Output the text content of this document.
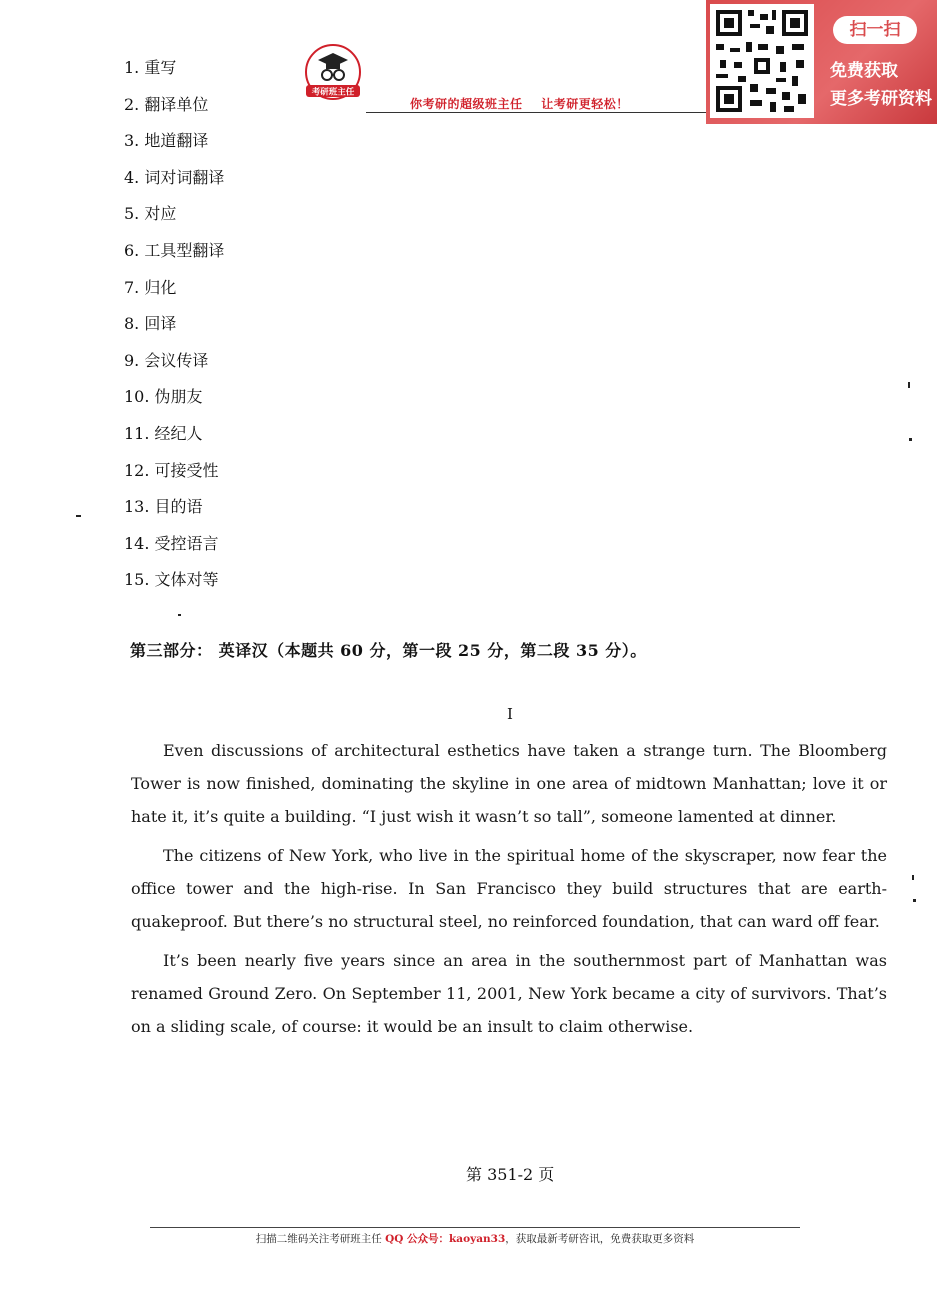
考研班主任
你考研的超级班主任    让考研更轻松！
扫一扫
免费获取
更多考研资料
1. 重写
2. 翻译单位
3. 地道翻译
4. 词对词翻译
5. 对应
6. 工具型翻译
7. 归化
8. 回译
9. 会议传译
10. 伪朋友
11. 经纪人
12. 可接受性
13. 目的语
14. 受控语言
15. 文体对等
第三部分： 英译汉（本题共 60 分，第一段 25 分，第二段 35 分）。
I

Even discussions of architectural esthetics have taken a strange turn. The Bloomberg Tower is now finished, dominating the skyline in one area of midtown Manhattan; love it or hate it, it’s quite a building. “I just wish it wasn’t so tall”, someone lamented at dinner.

The citizens of New York, who live in the spiritual home of the skyscraper, now fear the office tower and the high-rise. In San Francisco they build structures that are earth-quakeproof. But there’s no structural steel, no reinforced foundation, that can ward off fear.

It’s been nearly five years since an area in the southernmost part of Manhattan was renamed Ground Zero. On September 11, 2001, New York became a city of survivors. That’s on a sliding scale, of course: it would be an insult to claim otherwise.

第 351-2 页
扫描二维码关注考研班主任 QQ 公众号：kaoyan33，获取最新考研咨讯，免费获取更多资料
